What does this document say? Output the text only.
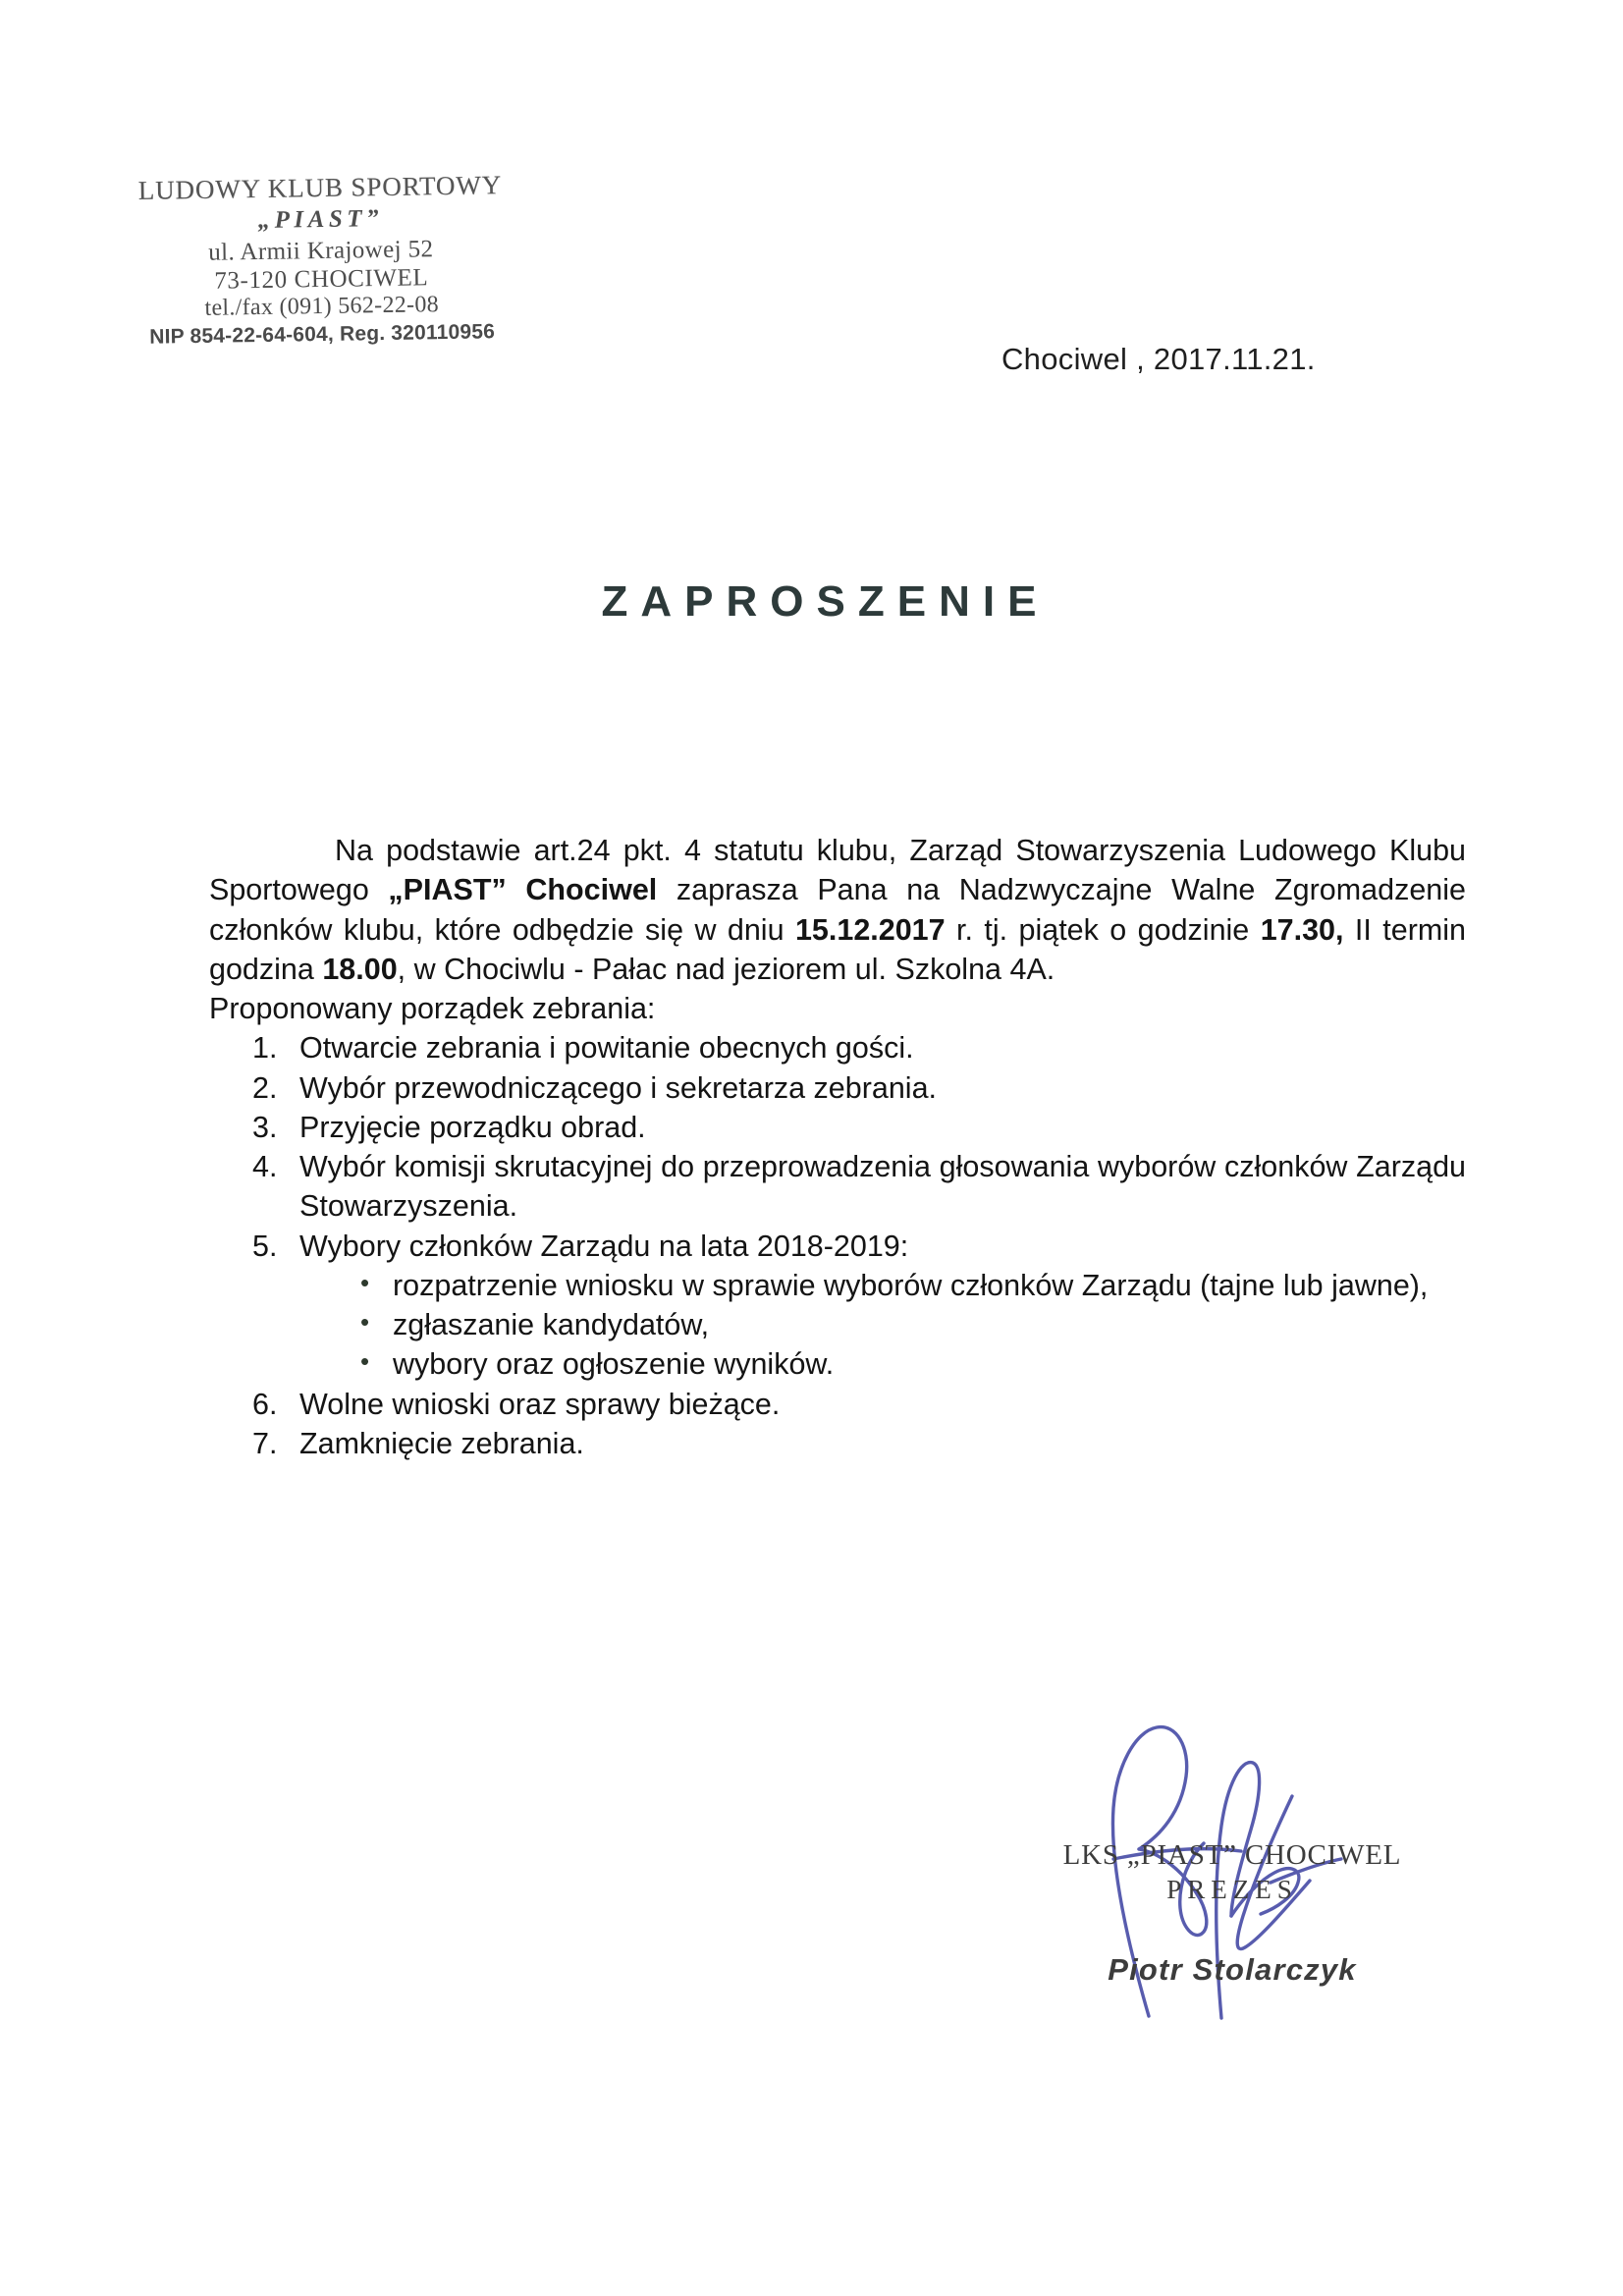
LUDOWY KLUB SPORTOWY
„PIAST”
ul. Armii Krajowej 52
73-120 CHOCIWEL
tel./fax (091) 562-22-08
NIP 854-22-64-604, Reg. 320110956
Chociwel , 2017.11.21.
ZAPROSZENIE

Na podstawie art.24 pkt. 4 statutu klubu, Zarząd Stowarzyszenia Ludowego Klubu Sportowego „PIAST” Chociwel zaprasza Pana na Nadzwyczajne Walne Zgromadzenie członków klubu, które odbędzie się w dniu 15.12.2017 r. tj. piątek o godzinie 17.30, II termin godzina 18.00, w Chociwlu - Pałac nad jeziorem ul. Szkolna 4A.

Proponowany porządek zebrania:

1. Otwarcie zebrania i powitanie obecnych gości.
2. Wybór przewodniczącego i sekretarza zebrania.
3. Przyjęcie porządku obrad.
4. Wybór komisji skrutacyjnej do przeprowadzenia głosowania wyborów członków Zarządu Stowarzyszenia.
5. Wybory członków Zarządu na lata 2018-2019:
• rozpatrzenie wniosku w sprawie wyborów członków Zarządu (tajne lub jawne),
• zgłaszanie kandydatów,
• wybory oraz ogłoszenie wyników.
6. Wolne wnioski oraz sprawy bieżące.
7. Zamknięcie zebrania.
LKS „PIAST” CHOCIWEL
PREZES
Piotr Stolarczyk
